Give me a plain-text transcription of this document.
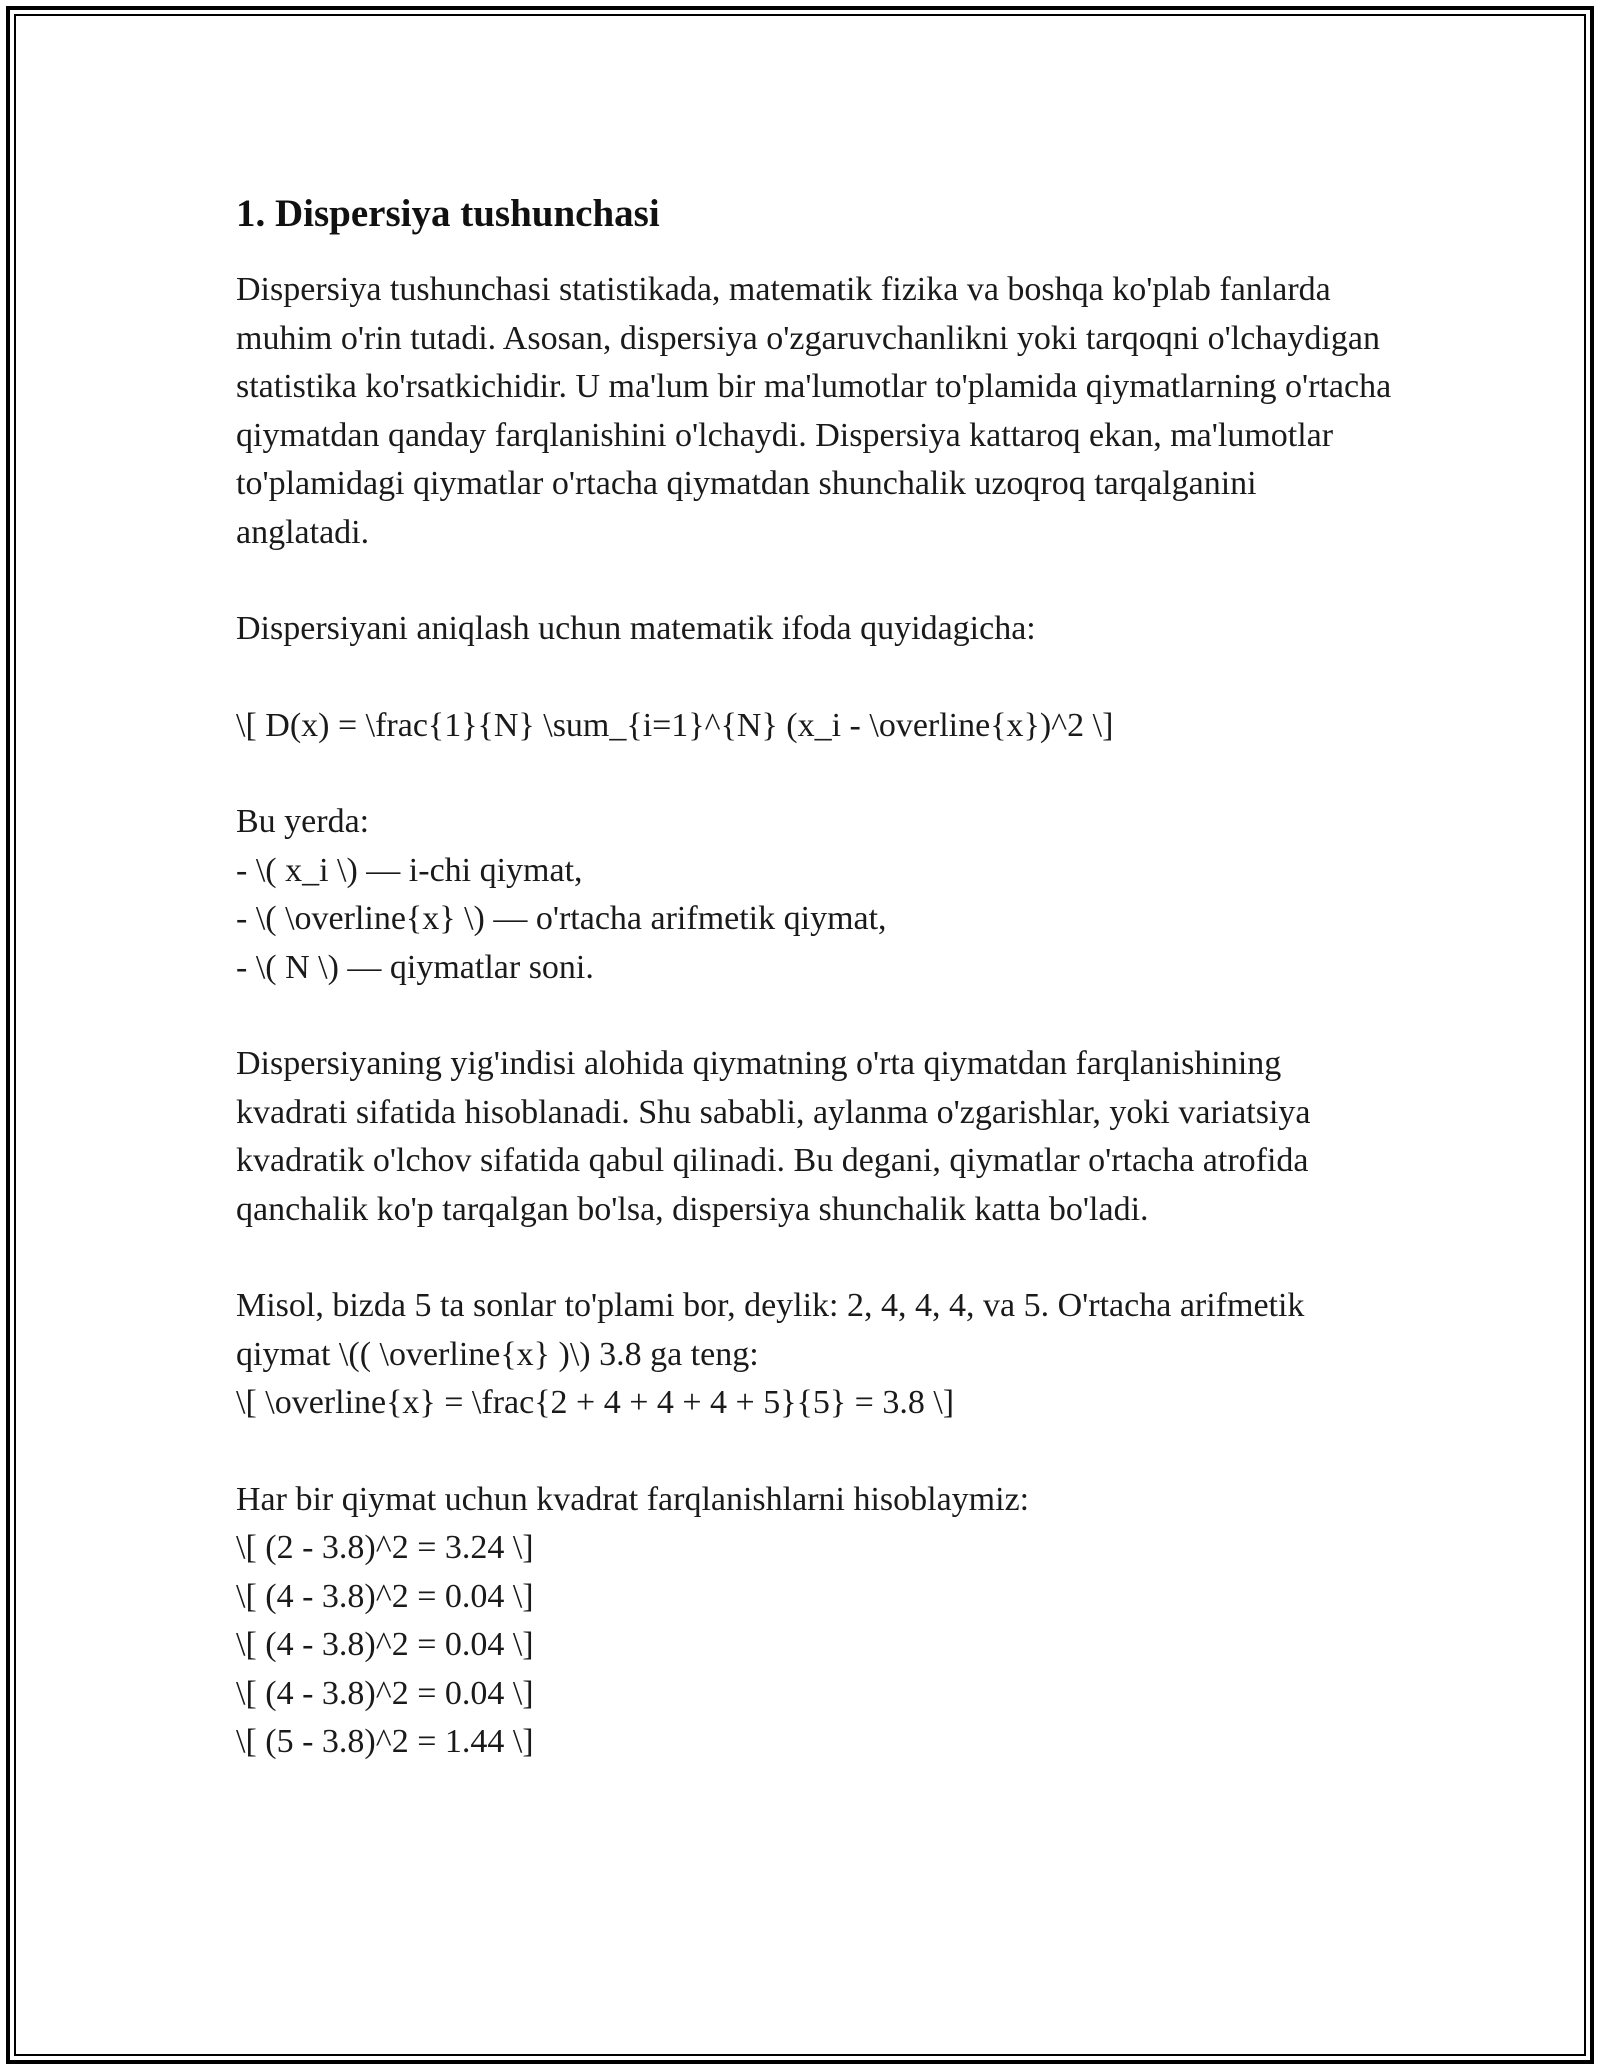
1. Dispersiya tushunchasi

Dispersiya tushunchasi statistikada, matematik fizika va boshqa ko'plab fanlarda muhim o'rin tutadi. Asosan, dispersiya o'zgaruvchanlikni yoki tarqoqni o'lchaydigan statistika ko'rsatkichidir. U ma'lum bir ma'lumotlar to'plamida qiymatlarning o'rtacha qiymatdan qanday farqlanishini o'lchaydi. Dispersiya kattaroq ekan, ma'lumotlar to'plamidagi qiymatlar o'rtacha qiymatdan shunchalik uzoqroq tarqalganini anglatadi.

Dispersiyani aniqlash uchun matematik ifoda quyidagicha:

\[ D(x) = \frac{1}{N} \sum_{i=1}^{N} (x_i - \overline{x})^2 \]

Bu yerda:
- \( x_i \) — i-chi qiymat,
- \( \overline{x} \) — o'rtacha arifmetik qiymat,
- \( N \) — qiymatlar soni.

Dispersiyaning yig'indisi alohida qiymatning o'rta qiymatdan farqlanishining kvadrati sifatida hisoblanadi. Shu sababli, aylanma o'zgarishlar, yoki variatsiya kvadratik o'lchov sifatida qabul qilinadi. Bu degani, qiymatlar o'rtacha atrofida qanchalik ko'p tarqalgan bo'lsa, dispersiya shunchalik katta bo'ladi.

Misol, bizda 5 ta sonlar to'plami bor, deylik: 2, 4, 4, 4, va 5. O'rtacha arifmetik qiymat \(( \overline{x} )\) 3.8 ga teng:
\[ \overline{x} = \frac{2 + 4 + 4 + 4 + 5}{5} = 3.8 \]

Har bir qiymat uchun kvadrat farqlanishlarni hisoblaymiz:
\[ (2 - 3.8)^2 = 3.24 \]
\[ (4 - 3.8)^2 = 0.04 \]
\[ (4 - 3.8)^2 = 0.04 \]
\[ (4 - 3.8)^2 = 0.04 \]
\[ (5 - 3.8)^2 = 1.44 \]
